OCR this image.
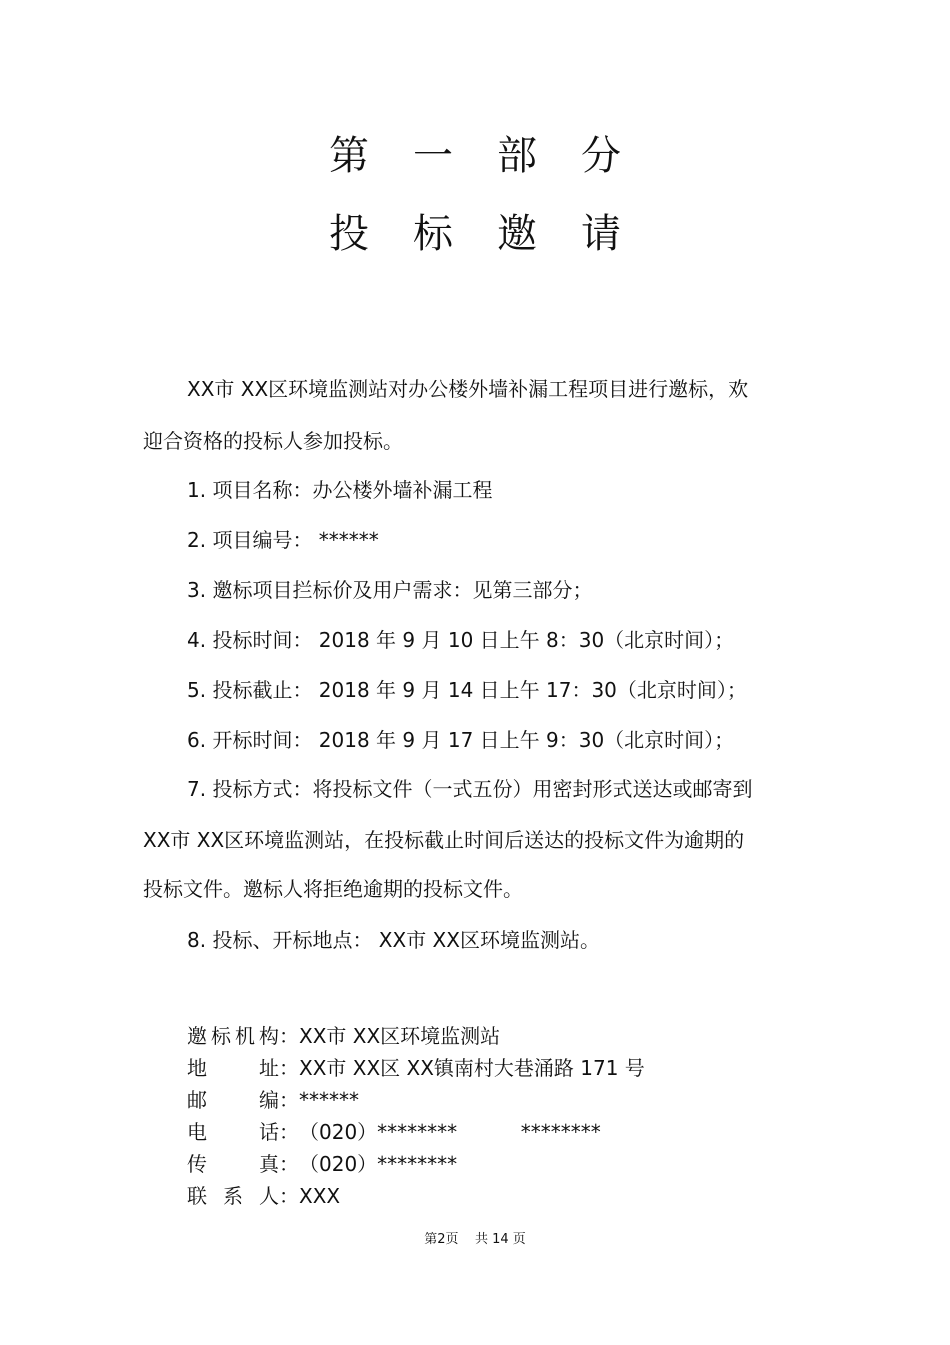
第一部分
投标邀请

XX市 XX区环境监测站对办公楼外墙补漏工程项目进行邀标，欢

迎合资格的投标人参加投标。

1. 项目名称：办公楼外墙补漏工程

2. 项目编号： ******

3. 邀标项目拦标价及用户需求：见第三部分；

4. 投标时间： 2018 年 9 月 10 日上午 8：30（北京时间）；

5. 投标截止： 2018 年 9 月 14 日上午 17：30（北京时间）；

6. 开标时间： 2018 年 9 月 17 日上午 9：30（北京时间）；

7. 投标方式：将投标文件（一式五份）用密封形式送达或邮寄到

XX市 XX区环境监测站，在投标截止时间后送达的投标文件为逾期的

投标文件。邀标人将拒绝逾期的投标文件。

8. 投标、开标地点： XX市 XX区环境监测站。

邀 标 机 构： XX市 XX区环境监测站
地	址： XX市 XX区 XX镇南村大巷涌路 171 号
邮	编： ******
电	话： （020）********          ********
传	真： （020）********
联 系 人： XXX
第2页    共 14 页
